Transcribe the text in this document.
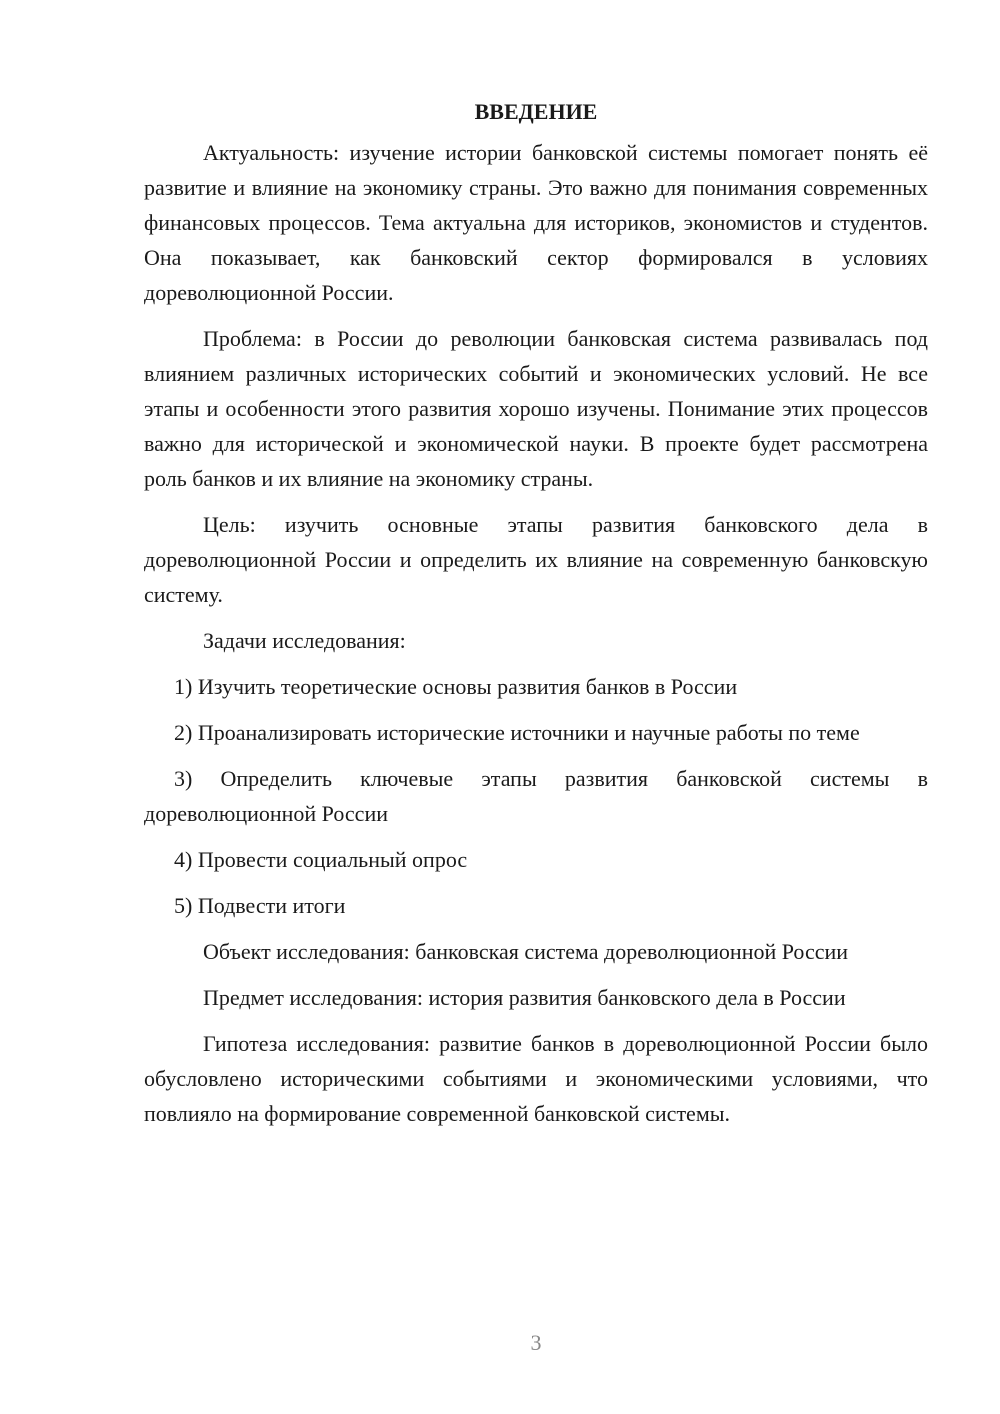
ВВЕДЕНИЕ

Актуальность: изучение истории банковской системы помогает понять её развитие и влияние на экономику страны. Это важно для понимания современных финансовых процессов. Тема актуальна для историков, экономистов и студентов. Она показывает, как банковский сектор формировался в условиях дореволюционной России.

Проблема: в России до революции банковская система развивалась под влиянием различных исторических событий и экономических условий. Не все этапы и особенности этого развития хорошо изучены. Понимание этих процессов важно для исторической и экономической науки. В проекте будет рассмотрена роль банков и их влияние на экономику страны.

Цель: изучить основные этапы развития банковского дела в дореволюционной России и определить их влияние на современную банковскую систему.

Задачи исследования:

1) Изучить теоретические основы развития банков в России

2) Проанализировать исторические источники и научные работы по теме

3) Определить ключевые этапы развития банковской системы в дореволюционной России

4) Провести социальный опрос

5) Подвести итоги

Объект исследования: банковская система дореволюционной России

Предмет исследования: история развития банковского дела в России

Гипотеза исследования: развитие банков в дореволюционной России было обусловлено историческими событиями и экономическими условиями, что повлияло на формирование современной банковской системы.

3
